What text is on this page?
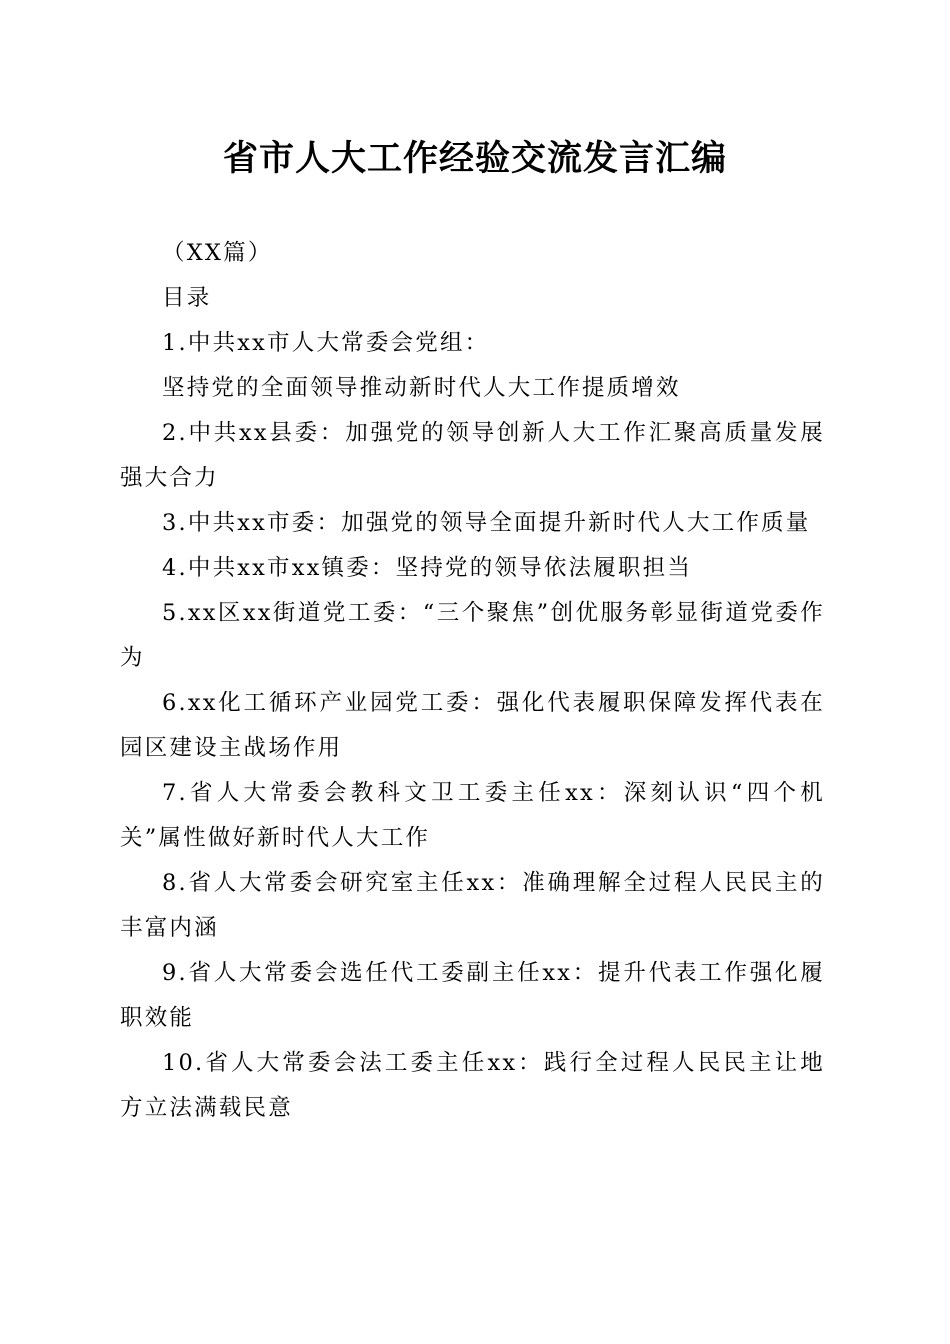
省市人大工作经验交流发言汇编

（XX篇）

目录

1.中共xx市人大常委会党组：

坚持党的全面领导推动新时代人大工作提质增效

2.中共xx县委：加强党的领导创新人大工作汇聚高质量发展强大合力

3.中共xx市委：加强党的领导全面提升新时代人大工作质量

4.中共xx市xx镇委：坚持党的领导依法履职担当

5.xx区xx街道党工委：“三个聚焦”创优服务彰显街道党委作为

6.xx化工循环产业园党工委：强化代表履职保障发挥代表在园区建设主战场作用

7.省人大常委会教科文卫工委主任xx：深刻认识“四个机关”属性做好新时代人大工作

8.省人大常委会研究室主任xx：准确理解全过程人民民主的丰富内涵

9.省人大常委会选任代工委副主任xx：提升代表工作强化履职效能

10.省人大常委会法工委主任xx：践行全过程人民民主让地方立法满载民意
